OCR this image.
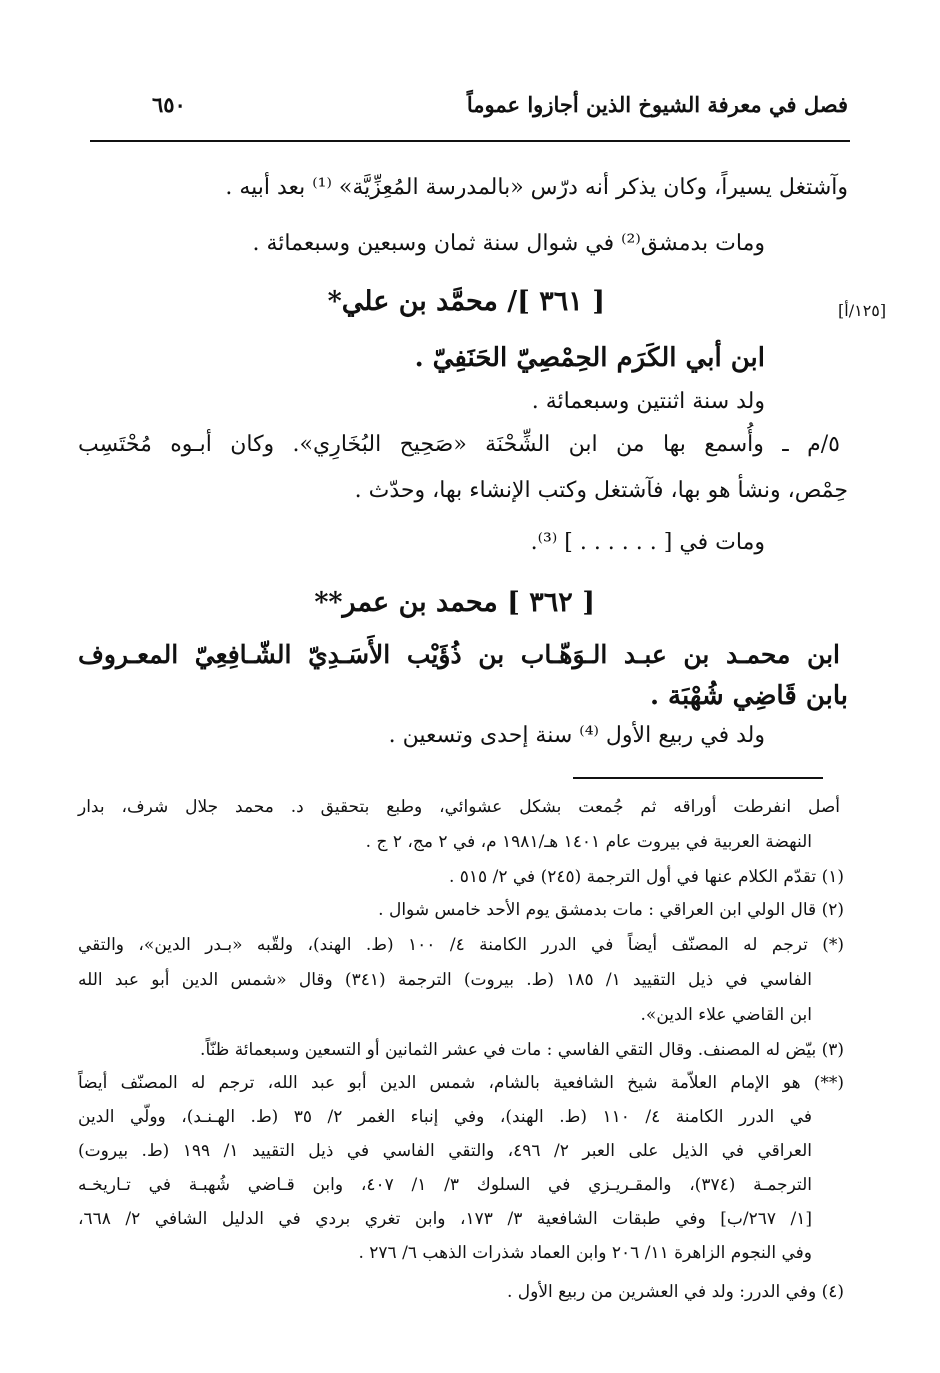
فصل في معرفة الشيوخ الذين أجازوا عموماً
٦٥٠
وآشتغل يسيراً، وكان يذكر أنه درّس «بالمدرسة المُعِزِّيَّة» ⁽¹⁾ بعد أبيه .
ومات بدمشق⁽²⁾ في شوال سنة ثمان وسبعين وسبعمائة .
[١٢٥/أ]
[ ٣٦١ ]/ محمَّد بن علي*
ابن أبي الكَرَم الحِمْصِيّ الحَنَفِيّ .
ولد سنة اثنتين وسبعمائة .
٥/م ـ وأُسمع بها من ابن الشِّحْنَة «صَحِيح البُخَارِي». وكان أبـوه مُحْتَسِب
حِمْص، ونشأ هو بها، فآشتغل وكتب الإنشاء بها، وحدّث .
ومات في [ . . . . . . ] ⁽³⁾.
[ ٣٦٢ ] محمد بن عمر**
ابن محمـد بن عبـد الـوَهّـاب بن ذُؤَيْب الأَسَـدِيّ الشّـافِعِيّ المعـروف
بابن قَاضِي شُهْبَة .
ولد في ربيع الأول ⁽⁴⁾ سنة إحدى وتسعين .
أصل انفرطت أوراقه ثم جُمعت بشكل عشوائي، وطبع بتحقيق د. محمد جلال شرف، بدار
النهضة العربية في بيروت عام ١٤٠١ هـ/١٩٨١ م، في ٢ مج، ٢ ج .
(١) تقدّم الكلام عنها في أول الترجمة (٢٤٥) في ٢/ ٥١٥ .
(٢) قال الولي ابن العراقي : مات بدمشق يوم الأحد خامس شوال .
(*) ترجم له المصنّف أيضاً في الدرر الكامنة ٤/ ١٠٠ (ط. الهند)، ولقّبه «بـدر الدين»، والتقي
الفاسي في ذيل التقييد ١/ ١٨٥ (ط. بيروت) الترجمة (٣٤١) وقال «شمس الدين أبو عبد الله
ابن القاضي علاء الدين».
(٣) بيّض له المصنف. وقال التقي الفاسي : مات في عشر الثمانين أو التسعين وسبعمائة ظنّاً.
(**) هو الإمام العلاّمة شيخ الشافعية بالشام، شمس الدين أبو عبد الله، ترجم له المصنّف أيضاً
في الدرر الكامنة ٤/ ١١٠ (ط. الهند)، وفي إنباء الغمر ٢/ ٣٥ (ط. الهـنـد)، وولّي الدين
العراقي في الذيل على العبر ٢/ ٤٩٦، والتقي الفاسي في ذيل التقييد ١/ ١٩٩ (ط. بيروت)
الترجمـة (٣٧٤)، والمقـريـزي في السلوك ٣/ ١/ ٤٠٧، وابن قـاضي شُهبـة في تـاريخـه
[١/ ٢٦٧/ب] وفي طبقات الشافعية ٣/ ١٧٣، وابن تغري بردي في الدليل الشافي ٢/ ٦٦٨،
وفي النجوم الزاهرة ١١/ ٢٠٦ وابن العماد شذرات الذهب ٦/ ٢٧٦ .
(٤) وفي الدرر: ولد في العشرين من ربيع الأول .
